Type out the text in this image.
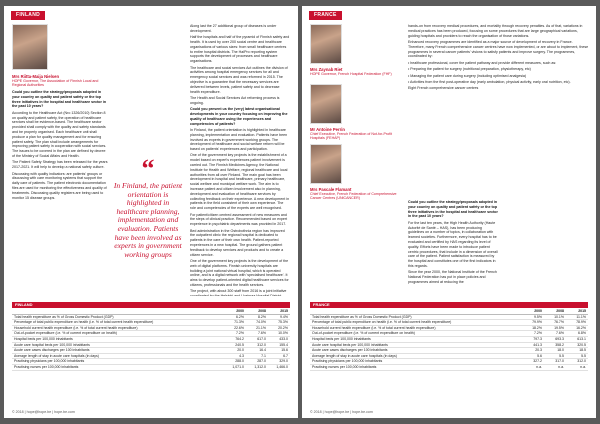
FINLAND
Mrs Riitta-Maija Nielsen
HOPE Governor, The Association of Finnish Local and Regional Authorities

Could you outline the strategy/proposals adopted in your country on quality and patient safety or the top three initiatives in the hospital and healthcare sector in the past 10 years?

According to the Healthcare Act (Nro 1326/2010) Section 8 on quality and patient safety, the operation of healthcare services shall be evidence-based. The healthcare sector provided shall comply with the quality and safety standards and be properly organised. Each healthcare unit shall produce a plan for quality management and for ensuring patient safety. The plan shall include arrangements for improving patient safety in cooperation with social services. The issues to be covered in the plan are defined by decree of the Ministry of Social Affairs and Health.

The Patient Safety Strategy has been released for the years 2017-2021. It will help to develop a national safety culture.

Discussing with quality indicators: are patients' groups or discussing with care monitoring systems that support the daily care of patients. The patient electronic documentation files are used for monitoring the effectiveness and quality of treatments. Discussing quality registers are being used to monitor 15 disease groups.

Along last the 27 additional group of diseases is under development.

Half the hospitals and half of the pyramid of Finnish safety and health. It is used by over 200 social centre and healthcare organisations of various sizes: from small healthcare centres to entire hospital districts. The HaiPro reporting system supports the development of processes and healthcare organisations.

The healthcare and social services Act outlines the division of activities among hospital emergency services for all and emergency social services and was reformed in 2015. The objective is a guarantee that the necessary services are delivered between levels, patient safety and to decrease health expenditure.

The Health and Social Services Act reforming process is ongoing.

Could you present us the (very) latest organisational developments in your country focusing on improving the quality of healthcare using the experiences and competencies of patients?

In Finland, the patient orientation is highlighted in healthcare planning, implementation and evaluation. Patients have been involved as experts in government working groups. The development of healthcare and social welfare reform will be based on patients' experiences and participation.

One of the government key projects is the establishment of a model based on expert's experiences patient involvement is carried out. The Finnish Medicines Agency, the National Institute for Health and Welfare, regional healthcare and local authorities from all over Finland. The main goal has been development in hospital and healthcare, primary healthcare, social welfare and municipal welfare work. The aim is to increase patient and citizen involvement also in planning, development and evaluation of healthcare services by collecting feedback on their experience. A new development in patients in the field consistent of their own experience. The role and competencies of the experts are well recognised.

For patient/citizen centred assessment of new measures and the steps of clinical practice. Recommended based on expert experience in psychiatric departments was provided in 2017.

Bed administration in the Ostrobothnia region has improved the outpatient clinic the regional hospital is dedicated to patients in the care of their own health. Patient-reported experiences in a new hospital. The ground gathers patient feedback to develop services and products and to create a citizen service.

One of the government key projects is the development of the web of digital platforms. Finnish university hospitals are building a joint national virtual hospital, which is operated online, and is a digital network with 'specialised healthcare'. It aims to develop patient-oriented digital healthcare services for citizens, professionals and the health services.

The project, with about 300 staff from 2016 is a joint initiative

“
In Finland, the patient orientation is highlighted in healthcare planning, implementation and evaluation. Patients have been involved as experts in government working groups
FINLAND
	2000	2008	2015
Total health expenditure as % of Gross Domestic Product (GDP)	6.2%	8.2%	9.4%
Percentage of total public expenditure on health (i.e. % of total current health expenditure)	71.3%	74.0%	75.3%
Household current health expenditure (i.e. % of total current health expenditure)	22.6%	21.1%	20.2%
Out-of-pocket expenditure (i.e. % of current expenditure on health)	7.2%	7.6%	10.0%
Hospital beds per 100,000 inhabitants	764.2	617.0	433.0
Acute care hospital beds per 100,000 inhabitants	240.5	312.0	155.4
Acute care cases discharges per 100 inhabitants	20.0	16.4	15.6
Average length of stay in acute care hospitals (in days)	4.3	7.1	6.7
Practising physicians per 100,000 inhabitants	288.0	287.0	329.0
Practising nurses per 100,000 inhabitants	1,071.0	1,312.0	1,466.0
© 2018 | hope@hope.be | hope.be.com
FRANCE
Mrs Zaynab Riet
HOPE Governor, French Hospital Federation (FHF)
Mr Antoine Perrin
Chief Executive, French Federation of Not-for-Profit Hospitals (FEHAP)
Mrs Pascale Flamant
Chief Executive, French Federation of Comprehensive Cancer Centres (UNICANCER)

hands-on from recovery medical procedures, and mortality through recovery penalties. As of that, variations in medical practices has been produced, focusing on some procedures that are large geographical variations, guiding hospitals and providers to reach the organisation of those variations.

Enhanced recovery programmes are identified as a major source of development of recovery in France. Therefore, many French comprehensive cancer centres have now implemented, or are about to implement, these programmes in several cancer patients' visions to satisfy patients and improve surgery. The programmes, coordinated by:

• healthcare professional, cover the patient pathway and provide different measures, such as:

• Preparing the patient for surgery (nutritional preparation, physiotherapy, etc)

• Managing the patient care during surgery (including optimised analgesia)

• Activities from the first post-operative day (early ambulation, physical activity, early oral nutrition, etc).

Eight French comprehensive cancer centres

Could you outline the strategy/proposals adopted in your country on quality and patient safety or the top three initiatives in the hospital and healthcare sector in the past 10 years?

For the last ten years, the High Health Authority (Haute Autorité de Santé – HAS), has been producing guidelines on a number of topics, in collaboration with learned societies. Furthermore, every hospital has to be evaluated and certified by HAS regarding its level of quality. Efforts have been made to introduce patient centric procedures, that include in a dimension of overall care of the patient. Patient satisfaction is measured by the hospital and constitutes one of the first indicators in this regards.

Since the year 2000, the National Institute of the French National Federation has put in place policies and programmes aimed at reducing the

FRANCE
	2000	2008	2015
Total health expenditure as % of Gross Domestic Product (GDP)	9.5%	10.1%	11.1%
Percentage of total public expenditure on health (i.e. % of total current health expenditure)	79.9%	76.7%	78.9%
Household current health expenditure (i.e. % of total current health expenditure)	18.2%	19.5%	16.2%
Out-of-pocket expenditure (i.e. % of current expenditure on health)	7.2%	7.6%	6.8%
Hospital beds per 100,000 inhabitants	797.3	693.3	613.1
Acute care hospital beds per 100,000 inhabitants	441.3	358.2	320.5
Acute care cases discharges per 100 inhabitants	20.3	18.0	18.5
Average length of stay in acute care hospitals (in days)	5.6	5.5	5.5
Practising physicians per 100,000 inhabitants	327.2	317.0	312.0
Practising nurses per 100,000 inhabitants	n.a.	n.a.	n.a.
© 2018 | hope@hope.be | hope.be.com
